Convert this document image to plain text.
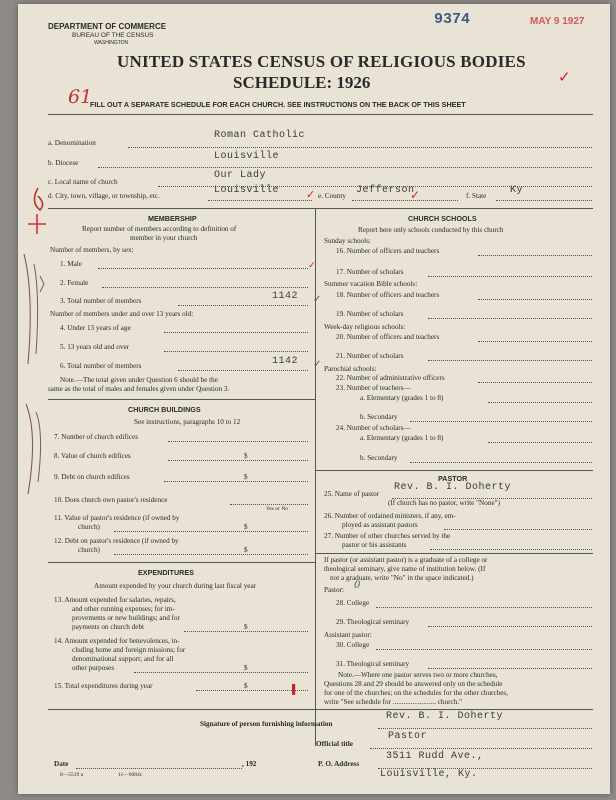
DEPARTMENT OF COMMERCE
BUREAU OF THE CENSUS
WASHINGTON
9374	MAY 9 1927
UNITED STATES CENSUS OF RELIGIOUS BODIES
SCHEDULE: 1926
61
✓
FILL OUT A SEPARATE SCHEDULE FOR EACH CHURCH. SEE INSTRUCTIONS ON THE BACK OF THIS SHEET
a. Denomination
Roman Catholic
b. Diocese
Louisville
c. Local name of church
Our Lady
d. City, town, village, or township, etc.	Louisville	e. County Jefferson	f. State Ky
MEMBERSHIP
Report number of members according to definition of
member in your church
Number of members, by sex:
1. Male
2. Female
3. Total number of members	1142
Number of members under and over 13 years old:
4. Under 13 years of age
5. 13 years old and over
6. Total number of members	1142
Note.—The total given under Question 6 should be the
same as the total of males and females given under Question 3.
CHURCH BUILDINGS
See instructions, paragraphs 10 to 12
7. Number of church edifices
8. Value of church edifices	$
9. Debt on church edifices	$
10. Does church own pastor's residence
Yes or No
11. Value of pastor's residence (if owned by
church)	$
12. Debt on pastor's residence (if owned by
church)	$
EXPENDITURES
Amount expended by your church during last fiscal year
13. Amount expended for salaries, repairs,
and other running expenses; for im-
provements or new buildings; and for
payments on church debt	$
14. Amount expended for benevolences, in-
cluding home and foreign missions; for
denominational support; and for all
other purposes	$
15. Total expenditures during year	$
CHURCH SCHOOLS
Report here only schools conducted by this church
Sunday schools:
16. Number of officers and teachers
17. Number of scholars
Summer vacation Bible schools:
18. Number of officers and teachers
19. Number of scholars
Week-day religious schools:
20. Number of officers and teachers
21. Number of scholars
Parochial schools:
22. Number of administrative officers
23. Number of teachers—
a. Elementary (grades 1 to 8)
b. Secondary
24. Number of scholars—
a. Elementary (grades 1 to 8)
b. Secondary
PASTOR
25. Name of pastor
Rev. B. I. Doherty
(If church has no pastor, write "None")
26. Number of ordained ministers, if any, em-
ployed as assistant pastors
27. Number of other churches served by the
pastor or his assistants
If pastor (or assistant pastor) is a graduate of a college or
theological seminary, give name of institution below. (If
not a graduate, write "No" in the space indicated.)
Pastor: 0
28. College
29. Theological seminary
Assistant pastor:
30. College
31. Theological seminary
Note.—Where one pastor serves two or more churches,
Questions 28 and 29 should be answered only on the schedule
for one of the churches; on the schedules for the other churches,
write "See schedule for ........................ church."
Signature of person furnishing information
Rev. B. I. Doherty
Official title
Pastor
Date	, 192	P. O. Address
3511 Rudd Ave.,
Louisville, Ky.
8—5519 a	11—9084c
✓
✓
✓
✓
✓
▌
